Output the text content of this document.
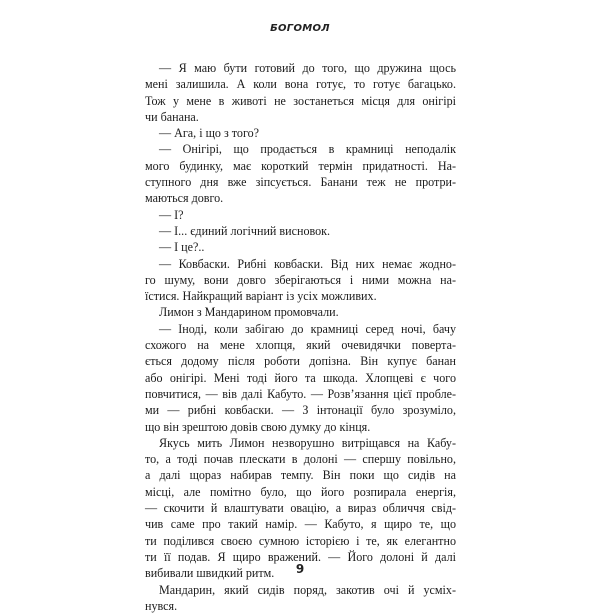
БОГОМОЛ
— Я маю бути готовий до того, що дружина щось
мені залишила. А коли вона готує, то готує багацько.
Тож у мене в животі не зостанеться місця для онігірі
чи банана.
— Ага, і що з того?
— Онігірі, що продається в крамниці неподалік
мого будинку, має короткий термін придатності. На-
ступного дня вже зіпсується. Банани теж не протри-
маються довго.
— І?
— І... єдиний логічний висновок.
— І це?..
— Ковбаски. Рибні ковбаски. Від них немає жодно-
го шуму, вони довго зберігаються і ними можна на-
їстися. Найкращий варіант із усіх можливих.
Лимон з Мандарином промовчали.
— Іноді, коли забігаю до крамниці серед ночі, бачу
схожого на мене хлопця, який очевидячки поверта-
ється додому після роботи допізна. Він купує банан
або онігірі. Мені тоді його та шкода. Хлопцеві є чого
повчитися, — вів далі Кабуто. — Розв’язання цієї пробле-
ми — рибні ковбаски. — З інтонації було зрозуміло,
що він зрештою довів свою думку до кінця.
Якусь мить Лимон незворушно витріщався на Кабу-
то, а тоді почав плескати в долоні — спершу повільно,
а далі щораз набирав темпу. Він поки що сидів на
місці, але помітно було, що його розпирала енергія,
— скочити й влаштувати овацію, а вираз обличчя свід-
чив саме про такий намір. — Кабуто, я щиро те, що
ти поділився своєю сумною історією і те, як елегантно
ти її подав. Я щиро вражений. — Його долоні й далі
вибивали швидкий ритм.
Мандарин, який сидів поряд, закотив очі й усміх-
нувся.
9
